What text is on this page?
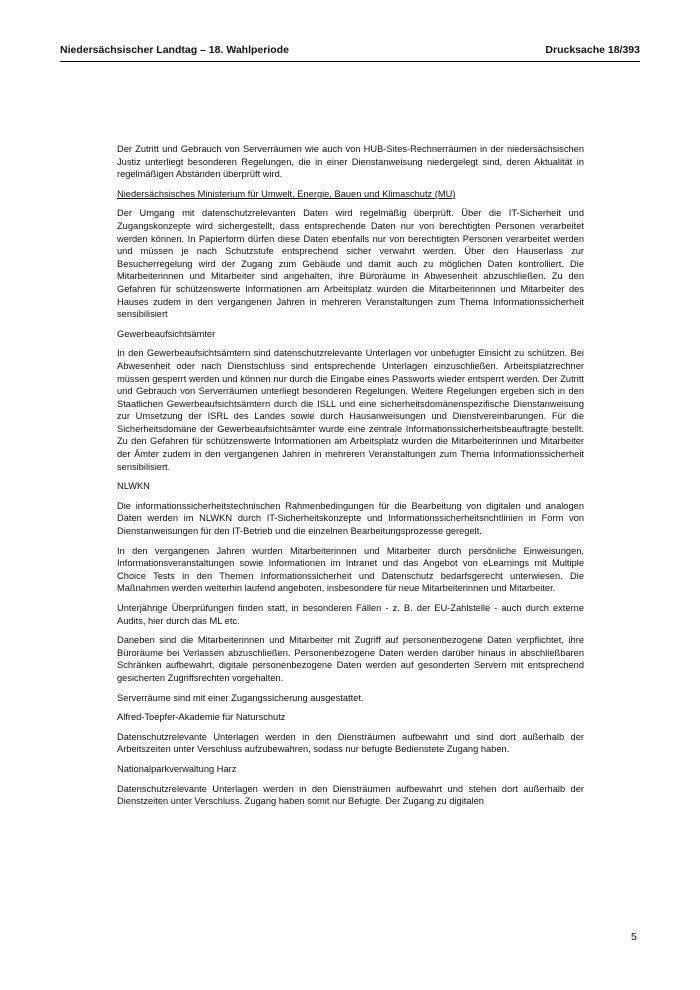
Niedersächsischer Landtag – 18. Wahlperiode	Drucksache 18/393

Der Zutritt und Gebrauch von Serverräumen wie auch von HUB-Sites-Rechnerräumen in der niedersächsischen Justiz unterliegt besonderen Regelungen, die in einer Dienstanweisung niedergelegt sind, deren Aktualität in regelmäßigen Abständen überprüft wird.

Niedersächsisches Ministerium für Umwelt, Energie, Bauen und Klimaschutz (MU)

Der Umgang mit datenschutzrelevanten Daten wird regelmäßig überprüft. Über die IT-Sicherheit und Zugangskonzepte wird sichergestellt, dass entsprechende Daten nur von berechtigten Personen verarbeitet werden können. In Papierform dürfen diese Daten ebenfalls nur von berechtigten Personen verarbeitet werden und müssen je nach Schutzstufe entsprechend sicher verwahrt werden. Über den Hauserlass zur Besucherregelung wird der Zugang zum Gebäude und damit auch zu möglichen Daten kontrolliert. Die Mitarbeiterinnen und Mitarbeiter sind angehalten, ihre Büroräume in Abwesenheit abzuschließen. Zu den Gefahren für schützenswerte Informationen am Arbeitsplatz wurden die Mitarbeiterinnen und Mitarbeiter des Hauses zudem in den vergangenen Jahren in mehreren Veranstaltungen zum Thema Informationssicherheit sensibilisiert

Gewerbeaufsichtsämter

In den Gewerbeaufsichtsämtern sind datenschutzrelevante Unterlagen vor unbefugter Einsicht zu schützen. Bei Abwesenheit oder nach Dienstschluss sind entsprechende Unterlagen einzuschließen. Arbeitsplatzrechner müssen gesperrt werden und können nur durch die Eingabe eines Passworts wieder entsperrt werden. Der Zutritt und Gebrauch von Serverräumen unterliegt besonderen Regelungen. Weitere Regelungen ergeben sich in den Staatlichen Gewerbeaufsichtsämtern durch die ISLL und eine sicherheitsdomänenspezifische Dienstanweisung zur Umsetzung der ISRL des Landes sowie durch Hausanweisungen und Dienstvereinbarungen. Für die Sicherheitsdomäne der Gewerbeaufsichtsämter wurde eine zentrale Informationssicherheitsbeauftragte bestellt. Zu den Gefahren für schützenswerte Informationen am Arbeitsplatz wurden die Mitarbeiterinnen und Mitarbeiter der Ämter zudem in den vergangenen Jahren in mehreren Veranstaltungen zum Thema Informationssicherheit sensibilisiert.

NLWKN

Die informationssicherheitstechnischen Rahmenbedingungen für die Bearbeitung von digitalen und analogen Daten werden im NLWKN durch IT-Sicherheitskonzepte und Informationssicherheitsrichtlinien in Form von Dienstanweisungen für den IT-Betrieb und die einzelnen Bearbeitungsprozesse geregelt.

In den vergangenen Jahren wurden Mitarbeiterinnen und Mitarbeiter durch persönliche Einweisungen, Informationsveranstaltungen sowie Informationen im Intranet und das Angebot von eLearnings mit Multiple Choice Tests in den Themen Informationssicherheit und Datenschutz bedarfsgerecht unterwiesen. Die Maßnahmen werden weiterhin laufend angeboten, insbesondere für neue Mitarbeiterinnen und Mitarbeiter.

Unterjährige Überprüfungen finden statt, in besonderen Fällen - z. B. der EU-Zahlstelle - auch durch externe Audits, hier durch das ML etc.

Daneben sind die Mitarbeiterinnen und Mitarbeiter mit Zugriff auf personenbezogene Daten verpflichtet, ihre Büroräume bei Verlassen abzuschließen. Personenbezogene Daten werden darüber hinaus in abschließbaren Schränken aufbewahrt, digitale personenbezogene Daten werden auf gesonderten Servern mit entsprechend gesicherten Zugriffsrechten vorgehalten.

Serverräume sind mit einer Zugangssicherung ausgestattet.

Alfred-Toepfer-Akademie für Naturschutz

Datenschutzrelevante Unterlagen werden in den Diensträumen aufbewahrt und sind dort außerhalb der Arbeitszeiten unter Verschluss aufzubewahren, sodass nur befugte Bedienstete Zugang haben.

Nationalparkverwaltung Harz

Datenschutzrelevante Unterlagen werden in den Diensträumen aufbewahrt und stehen dort außerhalb der Dienstzeiten unter Verschluss. Zugang haben somit nur Befugte. Der Zugang zu digitalen

5
